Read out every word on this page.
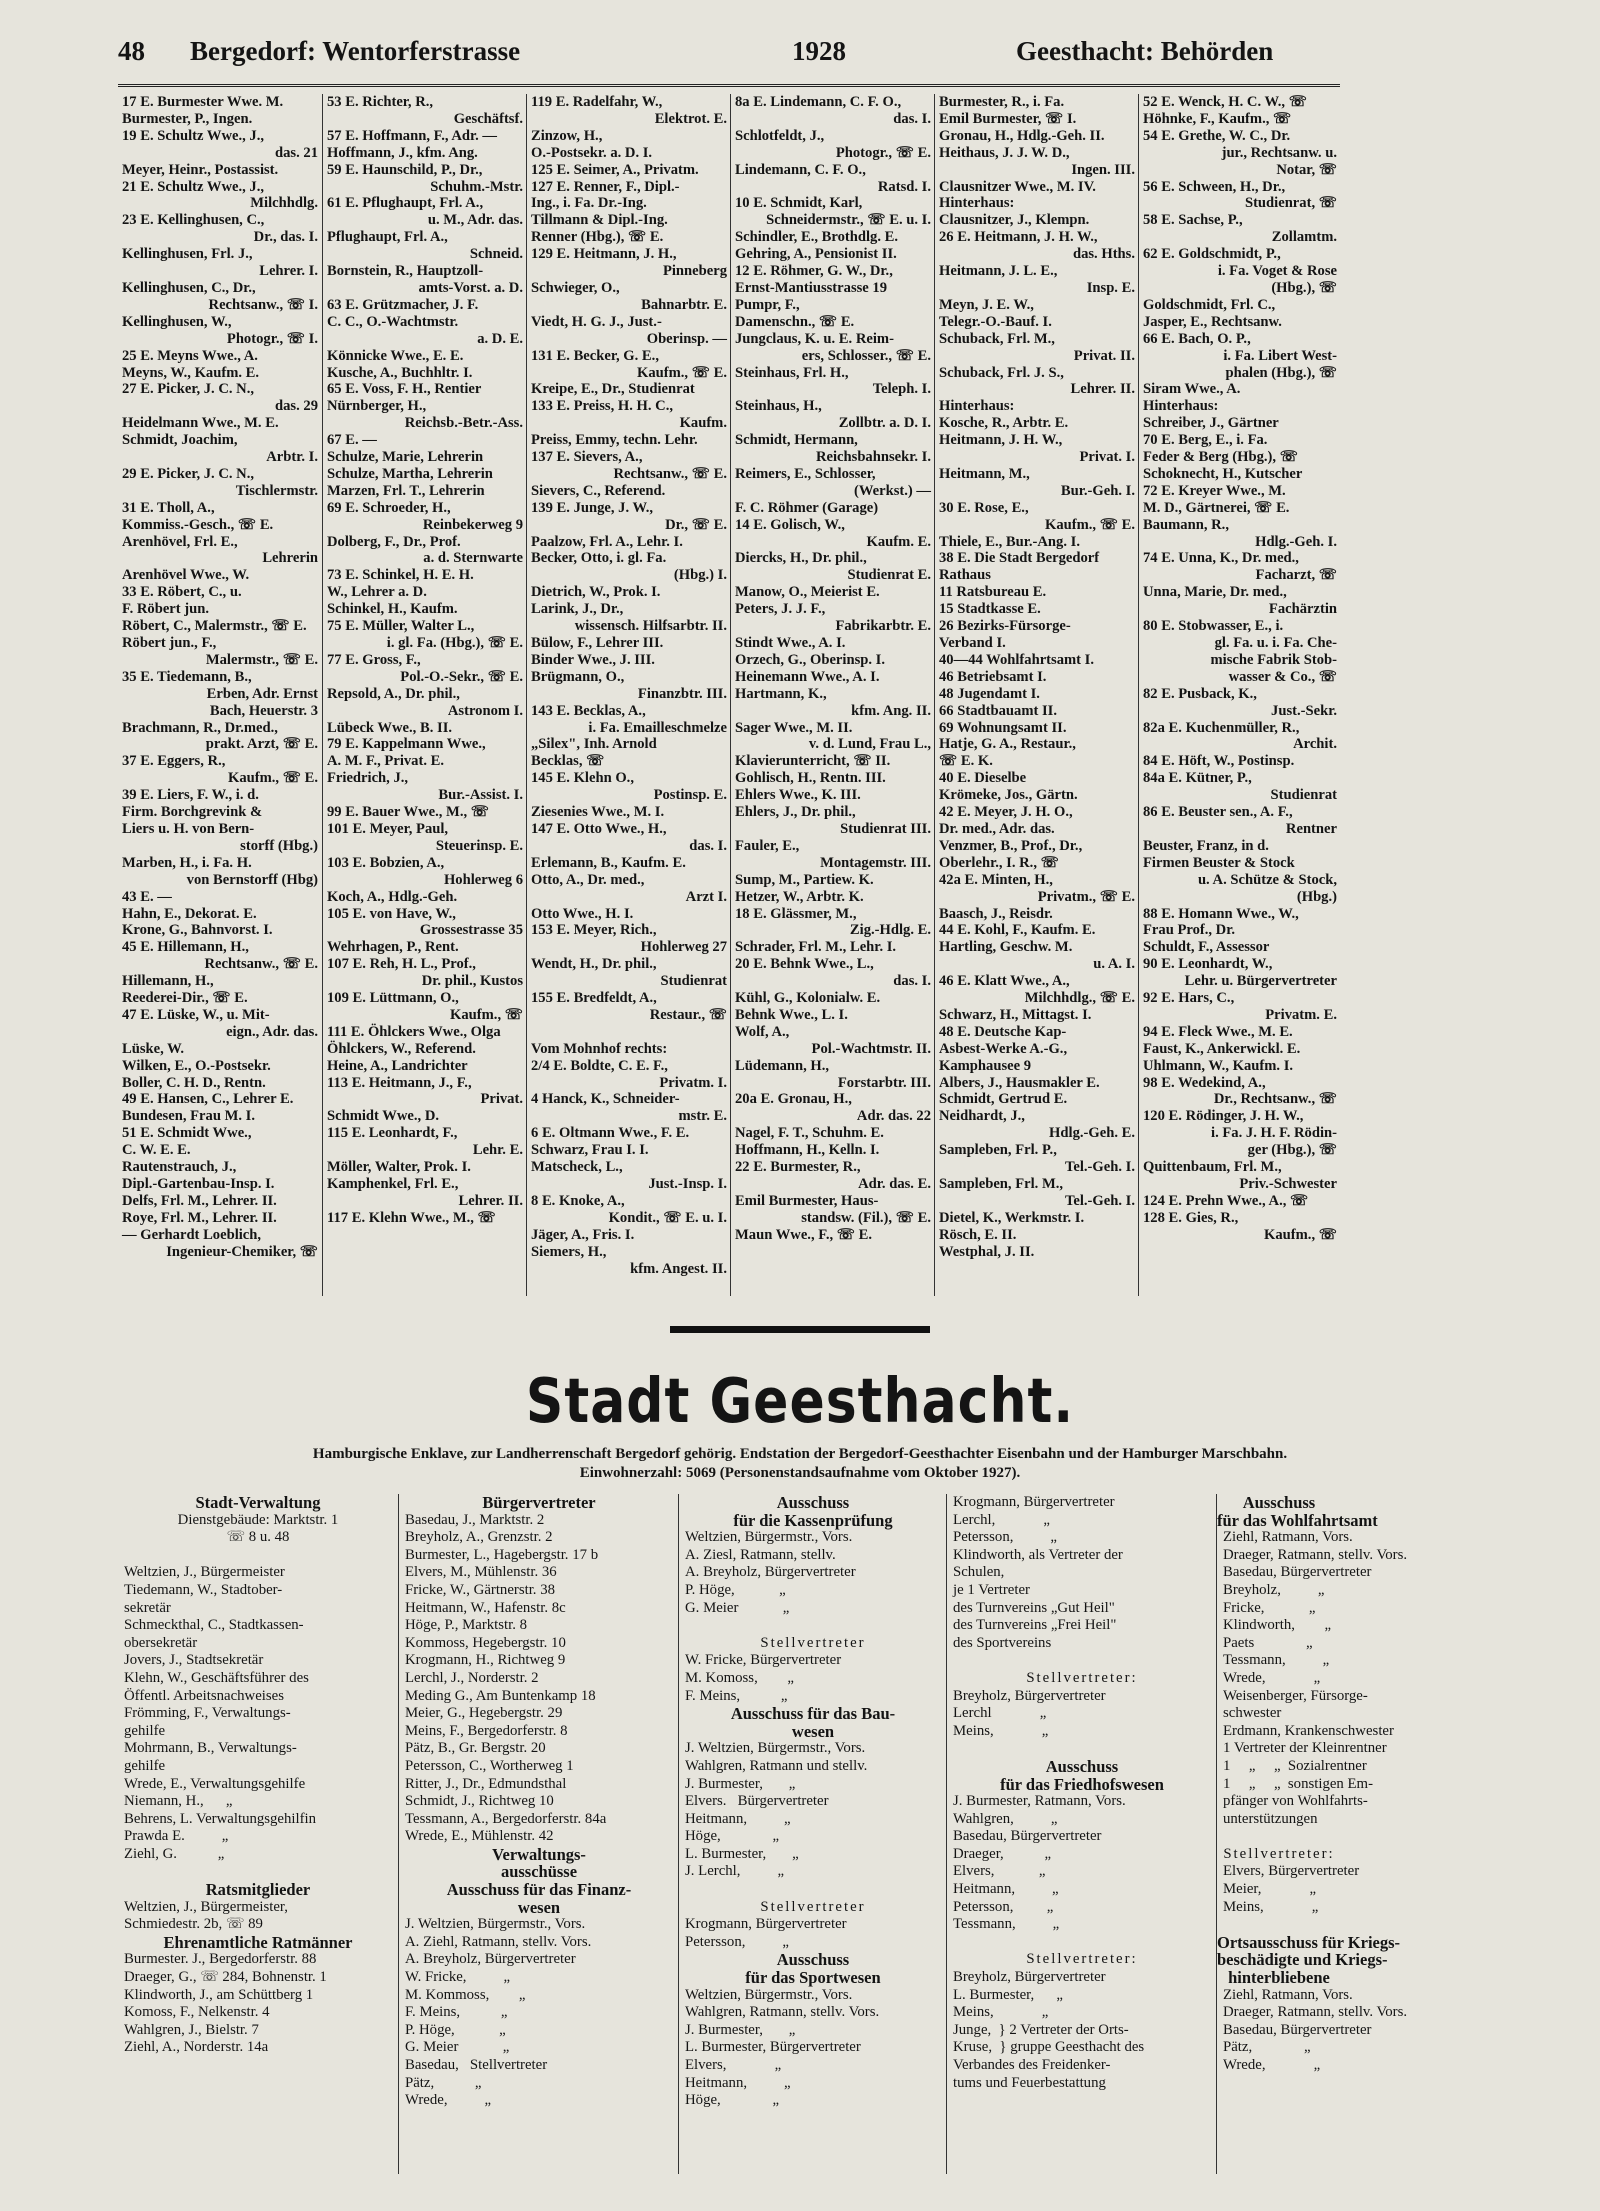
48 Bergedorf: Wentorferstrasse	1928	Geesthacht: Behörden
17 E. Burmester Wwe. M.
Burmester, P., Ingen.
19 E. Schultz Wwe., J.,
das. 21
Meyer, Heinr., Postassist.
21 E. Schultz Wwe., J.,
Milchhdlg.
23 E. Kellinghusen, C.,
Dr., das. I.
Kellinghusen, Frl. J.,
Lehrer. I.
Kellinghusen, C., Dr.,
Rechtsanw., ☏ I.
Kellinghusen, W.,
Photogr., ☏ I.
25 E. Meyns Wwe., A.
Meyns, W., Kaufm. E.
27 E. Picker, J. C. N.,
das. 29
Heidelmann Wwe., M. E.
Schmidt, Joachim,
Arbtr. I.
29 E. Picker, J. C. N.,
Tischlermstr.
31 E. Tholl, A.,
Kommiss.-Gesch., ☏ E.
Arenhövel, Frl. E.,
Lehrerin
Arenhövel Wwe., W.
33 E. Röbert, C., u.
F. Röbert jun.
Röbert, C., Malermstr., ☏ E.
Röbert jun., F.,
Malermstr., ☏ E.
35 E. Tiedemann, B.,
Erben, Adr. Ernst
Bach, Heuerstr. 3
Brachmann, R., Dr.med.,
prakt. Arzt, ☏ E.
37 E. Eggers, R.,
Kaufm., ☏ E.
39 E. Liers, F. W., i. d.
Firm. Borchgrevink &
Liers u. H. von Bern-
storff (Hbg.)
Marben, H., i. Fa. H.
von Bernstorff (Hbg)
43 E. —
Hahn, E., Dekorat. E.
Krone, G., Bahnvorst. I.
45 E. Hillemann, H.,
Rechtsanw., ☏ E.
Hillemann, H.,
Reederei-Dir., ☏ E.
47 E. Lüske, W., u. Mit-
eign., Adr. das.
Lüske, W.
Wilken, E., O.-Postsekr.
Boller, C. H. D., Rentn.
49 E. Hansen, C., Lehrer E.
Bundesen, Frau M. I.
51 E. Schmidt Wwe.,
C. W. E. E.
Rautenstrauch, J.,
Dipl.-Gartenbau-Insp. I.
Delfs, Frl. M., Lehrer. II.
Roye, Frl. M., Lehrer. II.
— Gerhardt Loeblich,
Ingenieur-Chemiker, ☏
53 E. Richter, R.,
Geschäftsf.
57 E. Hoffmann, F., Adr. —
Hoffmann, J., kfm. Ang.
59 E. Haunschild, P., Dr.,
Schuhm.-Mstr.
61 E. Pflughaupt, Frl. A.,
u. M., Adr. das.
Pflughaupt, Frl. A.,
Schneid.
Bornstein, R., Hauptzoll-
amts-Vorst. a. D.
63 E. Grützmacher, J. F.
C. C., O.-Wachtmstr.
a. D. E.
Könnicke Wwe., E. E.
Kusche, A., Buchhltr. I.
65 E. Voss, F. H., Rentier
Nürnberger, H.,
Reichsb.-Betr.-Ass.
67 E. —
Schulze, Marie, Lehrerin
Schulze, Martha, Lehrerin
Marzen, Frl. T., Lehrerin
69 E. Schroeder, H.,
Reinbekerweg 9
Dolberg, F., Dr., Prof.
a. d. Sternwarte
73 E. Schinkel, H. E. H.
W., Lehrer a. D.
Schinkel, H., Kaufm.
75 E. Müller, Walter L.,
i. gl. Fa. (Hbg.), ☏ E.
77 E. Gross, F.,
Pol.-O.-Sekr., ☏ E.
Repsold, A., Dr. phil.,
Astronom I.
Lübeck Wwe., B. II.
79 E. Kappelmann Wwe.,
A. M. F., Privat. E.
Friedrich, J.,
Bur.-Assist. I.
99 E. Bauer Wwe., M., ☏
101 E. Meyer, Paul,
Steuerinsp. E.
103 E. Bobzien, A.,
Hohlerweg 6
Koch, A., Hdlg.-Geh.
105 E. von Have, W.,
Grossestrasse 35
Wehrhagen, P., Rent.
107 E. Reh, H. L., Prof.,
Dr. phil., Kustos
109 E. Lüttmann, O.,
Kaufm., ☏
111 E. Öhlckers Wwe., Olga
Öhlckers, W., Referend.
Heine, A., Landrichter
113 E. Heitmann, J., F.,
Privat.
Schmidt Wwe., D.
115 E. Leonhardt, F.,
Lehr. E.
Möller, Walter, Prok. I.
Kamphenkel, Frl. E.,
Lehrer. II.
117 E. Klehn Wwe., M., ☏
119 E. Radelfahr, W.,
Elektrot. E.
Zinzow, H.,
O.-Postsekr. a. D. I.
125 E. Seimer, A., Privatm.
127 E. Renner, F., Dipl.-
Ing., i. Fa. Dr.-Ing.
Tillmann & Dipl.-Ing.
Renner (Hbg.), ☏ E.
129 E. Heitmann, J. H.,
Pinneberg
Schwieger, O.,
Bahnarbtr. E.
Viedt, H. G. J., Just.-
Oberinsp. —
131 E. Becker, G. E.,
Kaufm., ☏ E.
Kreipe, E., Dr., Studienrat
133 E. Preiss, H. H. C.,
Kaufm.
Preiss, Emmy, techn. Lehr.
137 E. Sievers, A.,
Rechtsanw., ☏ E.
Sievers, C., Referend.
139 E. Junge, J. W.,
Dr., ☏ E.
Paalzow, Frl. A., Lehr. I.
Becker, Otto, i. gl. Fa.
(Hbg.) I.
Dietrich, W., Prok. I.
Larink, J., Dr.,
wissensch. Hilfsarbtr. II.
Bülow, F., Lehrer III.
Binder Wwe., J. III.
Brügmann, O.,
Finanzbtr. III.
143 E. Becklas, A.,
i. Fa. Emailleschmelze
„Silex", Inh. Arnold
Becklas, ☏
145 E. Klehn O.,
Postinsp. E.
Ziesenies Wwe., M. I.
147 E. Otto Wwe., H.,
das. I.
Erlemann, B., Kaufm. E.
Otto, A., Dr. med.,
Arzt I.
Otto Wwe., H. I.
153 E. Meyer, Rich.,
Hohlerweg 27
Wendt, H., Dr. phil.,
Studienrat
155 E. Bredfeldt, A.,
Restaur., ☏

Vom Mohnhof rechts:
2/4 E. Boldte, C. E. F.,
Privatm. I.
4 Hanck, K., Schneider-
mstr. E.
6 E. Oltmann Wwe., F. E.
Schwarz, Frau I. I.
Matscheck, L.,
Just.-Insp. I.
8 E. Knoke, A.,
Kondit., ☏ E. u. I.
Jäger, A., Fris. I.
Siemers, H.,
kfm. Angest. II.
8a E. Lindemann, C. F. O.,
das. I.
Schlotfeldt, J.,
Photogr., ☏ E.
Lindemann, C. F. O.,
Ratsd. I.
10 E. Schmidt, Karl,
Schneidermstr., ☏ E. u. I.
Schindler, E., Brothdlg. E.
Gehring, A., Pensionist II.
12 E. Röhmer, G. W., Dr.,
Ernst-Mantiusstrasse 19
Pumpr, F.,
Damenschn., ☏ E.
Jungclaus, K. u. E. Reim-
ers, Schlosser., ☏ E.
Steinhaus, Frl. H.,
Teleph. I.
Steinhaus, H.,
Zollbtr. a. D. I.
Schmidt, Hermann,
Reichsbahnsekr. I.
Reimers, E., Schlosser,
(Werkst.) —
F. C. Röhmer (Garage)
14 E. Golisch, W.,
Kaufm. E.
Diercks, H., Dr. phil.,
Studienrat E.
Manow, O., Meierist E.
Peters, J. J. F.,
Fabrikarbtr. E.
Stindt Wwe., A. I.
Orzech, G., Oberinsp. I.
Heinemann Wwe., A. I.
Hartmann, K.,
kfm. Ang. II.
Sager Wwe., M. II.
v. d. Lund, Frau L.,
Klavierunterricht, ☏ II.
Gohlisch, H., Rentn. III.
Ehlers Wwe., K. III.
Ehlers, J., Dr. phil.,
Studienrat III.
Fauler, E.,
Montagemstr. III.
Sump, M., Partiew. K.
Hetzer, W., Arbtr. K.
18 E. Glässmer, M.,
Zig.-Hdlg. E.
Schrader, Frl. M., Lehr. I.
20 E. Behnk Wwe., L.,
das. I.
Kühl, G., Kolonialw. E.
Behnk Wwe., L. I.
Wolf, A.,
Pol.-Wachtmstr. II.
Lüdemann, H.,
Forstarbtr. III.
20a E. Gronau, H.,
Adr. das. 22
Nagel, F. T., Schuhm. E.
Hoffmann, H., Kelln. I.
22 E. Burmester, R.,
Adr. das. E.
Emil Burmester, Haus-
standsw. (Fil.), ☏ E.
Maun Wwe., F., ☏ E.
Burmester, R., i. Fa.
Emil Burmester, ☏ I.
Gronau, H., Hdlg.-Geh. II.
Heithaus, J. J. W. D.,
Ingen. III.
Clausnitzer Wwe., M. IV.
Hinterhaus:
Clausnitzer, J., Klempn.
26 E. Heitmann, J. H. W.,
das. Hths.
Heitmann, J. L. E.,
Insp. E.
Meyn, J. E. W.,
Telegr.-O.-Bauf. I.
Schuback, Frl. M.,
Privat. II.
Schuback, Frl. J. S.,
Lehrer. II.
Hinterhaus:
Kosche, R., Arbtr. E.
Heitmann, J. H. W.,
Privat. I.
Heitmann, M.,
Bur.-Geh. I.
30 E. Rose, E.,
Kaufm., ☏ E.
Thiele, E., Bur.-Ang. I.
38 E. Die Stadt Bergedorf
Rathaus
11 Ratsbureau E.
15 Stadtkasse E.
26 Bezirks-Fürsorge-
Verband I.
40—44 Wohlfahrtsamt I.
46 Betriebsamt I.
48 Jugendamt I.
66 Stadtbauamt II.
69 Wohnungsamt II.
Hatje, G. A., Restaur.,
☏ E. K.
40 E. Dieselbe
Krömeke, Jos., Gärtn.
42 E. Meyer, J. H. O.,
Dr. med., Adr. das.
Venzmer, B., Prof., Dr.,
Oberlehr., I. R., ☏
42a E. Minten, H.,
Privatm., ☏ E.
Baasch, J., Reisdr.
44 E. Kohl, F., Kaufm. E.
Hartling, Geschw. M.
u. A. I.
46 E. Klatt Wwe., A.,
Milchhdlg., ☏ E.
Schwarz, H., Mittagst. I.
48 E. Deutsche Kap-
Asbest-Werke A.-G.,
Kamphausee 9
Albers, J., Hausmakler E.
Schmidt, Gertrud E.
Neidhardt, J.,
Hdlg.-Geh. E.
Sampleben, Frl. P.,
Tel.-Geh. I.
Sampleben, Frl. M.,
Tel.-Geh. I.
Dietel, K., Werkmstr. I.
Rösch, E. II.
Westphal, J. II.
52 E. Wenck, H. C. W., ☏
Höhnke, F., Kaufm., ☏
54 E. Grethe, W. C., Dr.
jur., Rechtsanw. u.
Notar, ☏
56 E. Schween, H., Dr.,
Studienrat, ☏
58 E. Sachse, P.,
Zollamtm.
62 E. Goldschmidt, P.,
i. Fa. Voget & Rose
(Hbg.), ☏
Goldschmidt, Frl. C.,
Jasper, E., Rechtsanw.
66 E. Bach, O. P.,
i. Fa. Libert West-
phalen (Hbg.), ☏
Siram Wwe., A.
Hinterhaus:
Schreiber, J., Gärtner
70 E. Berg, E., i. Fa.
Feder & Berg (Hbg.), ☏
Schoknecht, H., Kutscher
72 E. Kreyer Wwe., M.
M. D., Gärtnerei, ☏ E.
Baumann, R.,
Hdlg.-Geh. I.
74 E. Unna, K., Dr. med.,
Facharzt, ☏
Unna, Marie, Dr. med.,
Fachärztin
80 E. Stobwasser, E., i.
gl. Fa. u. i. Fa. Che-
mische Fabrik Stob-
wasser & Co., ☏
82 E. Pusback, K.,
Just.-Sekr.
82a E. Kuchenmüller, R.,
Archit.
84 E. Höft, W., Postinsp.
84a E. Kütner, P.,
Studienrat
86 E. Beuster sen., A. F.,
Rentner
Beuster, Franz, in d.
Firmen Beuster & Stock
u. A. Schütze & Stock,
(Hbg.)
88 E. Homann Wwe., W.,
Frau Prof., Dr.
Schuldt, F., Assessor
90 E. Leonhardt, W.,
Lehr. u. Bürgervertreter
92 E. Hars, C.,
Privatm. E.
94 E. Fleck Wwe., M. E.
Faust, K., Ankerwickl. E.
Uhlmann, W., Kaufm. I.
98 E. Wedekind, A.,
Dr., Rechtsanw., ☏
120 E. Rödinger, J. H. W.,
i. Fa. J. H. F. Rödin-
ger (Hbg.), ☏
Quittenbaum, Frl. M.,
Priv.-Schwester
124 E. Prehn Wwe., A., ☏
128 E. Gies, R.,
Kaufm., ☏
Stadt Geesthacht.
Hamburgische Enklave, zur Landherrenschaft Bergedorf gehörig. Endstation der Bergedorf-Geesthachter Eisenbahn und der Hamburger Marschbahn.
Einwohnerzahl: 5069 (Personenstandsaufnahme vom Oktober 1927).
Stadt-Verwaltung
Dienstgebäude: Marktstr. 1
☏ 8 u. 48

Weltzien, J., Bürgermeister
Tiedemann, W., Stadtober-
sekretär
Schmeckthal, C., Stadtkassen-
obersekretär
Jovers, J., Stadtsekretär
Klehn, W., Geschäftsführer des
Öffentl. Arbeitsnachweises
Frömming, F., Verwaltungs-
gehilfe
Mohrmann, B., Verwaltungs-
gehilfe
Wrede, E., Verwaltungsgehilfe
Niemann, H.,      „
Behrens, L. Verwaltungsgehilfin
Prawda E.          „
Ziehl, G.           „

Ratsmitglieder
Weltzien, J., Bürgermeister,
Schmiedestr. 2b, ☏ 89
Ehrenamtliche Ratmänner
Burmester. J., Bergedorferstr. 88
Draeger, G., ☏ 284, Bohnenstr. 1
Klindworth, J., am Schüttberg 1
Komoss, F., Nelkenstr. 4
Wahlgren, J., Bielstr. 7
Ziehl, A., Norderstr. 14a
Bürgervertreter
Basedau, J., Marktstr. 2
Breyholz, A., Grenzstr. 2
Burmester, L., Hagebergstr. 17 b
Elvers, M., Mühlenstr. 36
Fricke, W., Gärtnerstr. 38
Heitmann, W., Hafenstr. 8c
Höge, P., Marktstr. 8
Kommoss, Hegebergstr. 10
Krogmann, H., Richtweg 9
Lerchl, J., Norderstr. 2
Meding G., Am Buntenkamp 18
Meier, G., Hegebergstr. 29
Meins, F., Bergedorferstr. 8
Pätz, B., Gr. Bergstr. 20
Petersson, C., Wortherweg 1
Ritter, J., Dr., Edmundsthal
Schmidt, J., Richtweg 10
Tessmann, A., Bergedorferstr. 84a
Wrede, E., Mühlenstr. 42
Verwaltungs-
ausschüsse
Ausschuss für das Finanz-
wesen
J. Weltzien, Bürgermstr., Vors.
A. Ziehl, Ratmann, stellv. Vors.
A. Breyholz, Bürgervertreter
W. Fricke,          „
M. Kommoss,        „
F. Meins,           „
P. Höge,            „
G. Meier            „
Basedau,   Stellvertreter
Pätz,           „
Wrede,          „
Ausschuss
für die Kassenprüfung
Weltzien, Bürgermstr., Vors.
A. Ziesl, Ratmann, stellv.
A. Breyholz, Bürgervertreter
P. Höge,            „
G. Meier            „

Stellvertreter
W. Fricke, Bürgervertreter
M. Komoss,        „
F. Meins,           „
Ausschuss für das Bau-
wesen
J. Weltzien, Bürgermstr., Vors.
Wahlgren, Ratmann und stellv.
J. Burmester,       „
Elvers.   Bürgervertreter
Heitmann,          „
Höge,              „
L. Burmester,       „
J. Lerchl,          „

Stellvertreter
Krogmann, Bürgervertreter
Petersson,          „
Ausschuss
für das Sportwesen
Weltzien, Bürgermstr., Vors.
Wahlgren, Ratmann, stellv. Vors.
J. Burmester,       „
L. Burmester, Bürgervertreter
Elvers,             „
Heitmann,          „
Höge,              „
Krogmann, Bürgervertreter
Lerchl,             „
Petersson,          „
Klindworth, als Vertreter der
Schulen,
je 1 Vertreter
des Turnvereins „Gut Heil"
des Turnvereins „Frei Heil"
des Sportvereins

Stellvertreter:
Breyholz, Bürgervertreter
Lerchl             „
Meins,             „

Ausschuss
für das Friedhofswesen
J. Burmester, Ratmann, Vors.
Wahlgren,          „
Basedau, Bürgervertreter
Draeger,           „
Elvers,            „
Heitmann,          „
Petersson,         „
Tessmann,          „

Stellvertreter:
Breyholz, Bürgervertreter
L. Burmester,      „
Meins,             „
Junge,  } 2 Vertreter der Orts-
Kruse,  } gruppe Geesthacht des
Verbandes des Freidenker-
tums und Feuerbestattung
Ausschuss
für das Wohlfahrtsamt
Ziehl, Ratmann, Vors.
Draeger, Ratmann, stellv. Vors.
Basedau, Bürgervertreter
Breyholz,          „
Fricke,            „
Klindworth,        „
Paets              „
Tessmann,          „
Wrede,             „
Weisenberger, Fürsorge-
schwester
Erdmann, Krankenschwester
1 Vertreter der Kleinrentner
1     „     „  Sozialrentner
1     „     „  sonstigen Em-
pfänger von Wohlfahrts-
unterstützungen

Stellvertreter:
Elvers, Bürgervertreter
Meier,             „
Meins,             „

Ortsausschuss für Kriegs-
beschädigte und Kriegs-
hinterbliebene
Ziehl, Ratmann, Vors.
Draeger, Ratmann, stellv. Vors.
Basedau, Bürgervertreter
Pätz,              „
Wrede,             „
